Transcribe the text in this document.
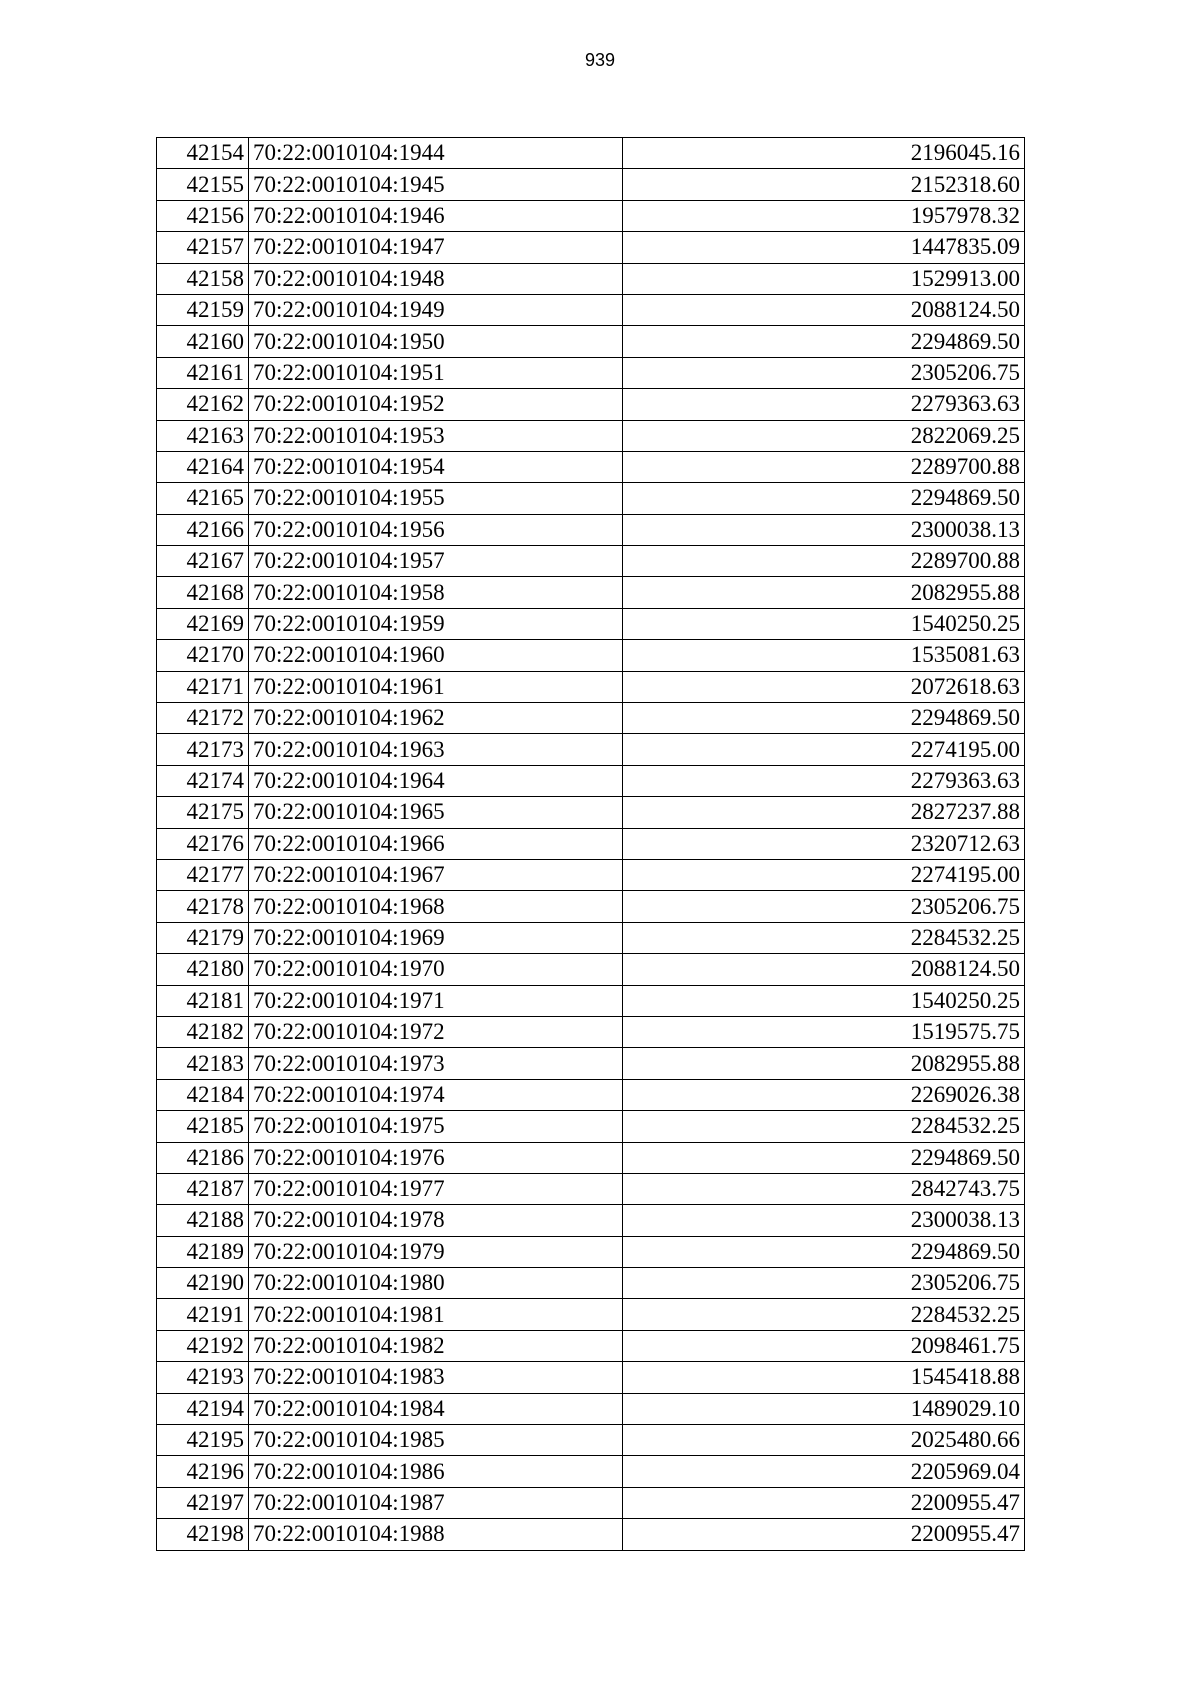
939
42154	70:22:0010104:1944	2196045.16
42155	70:22:0010104:1945	2152318.60
42156	70:22:0010104:1946	1957978.32
42157	70:22:0010104:1947	1447835.09
42158	70:22:0010104:1948	1529913.00
42159	70:22:0010104:1949	2088124.50
42160	70:22:0010104:1950	2294869.50
42161	70:22:0010104:1951	2305206.75
42162	70:22:0010104:1952	2279363.63
42163	70:22:0010104:1953	2822069.25
42164	70:22:0010104:1954	2289700.88
42165	70:22:0010104:1955	2294869.50
42166	70:22:0010104:1956	2300038.13
42167	70:22:0010104:1957	2289700.88
42168	70:22:0010104:1958	2082955.88
42169	70:22:0010104:1959	1540250.25
42170	70:22:0010104:1960	1535081.63
42171	70:22:0010104:1961	2072618.63
42172	70:22:0010104:1962	2294869.50
42173	70:22:0010104:1963	2274195.00
42174	70:22:0010104:1964	2279363.63
42175	70:22:0010104:1965	2827237.88
42176	70:22:0010104:1966	2320712.63
42177	70:22:0010104:1967	2274195.00
42178	70:22:0010104:1968	2305206.75
42179	70:22:0010104:1969	2284532.25
42180	70:22:0010104:1970	2088124.50
42181	70:22:0010104:1971	1540250.25
42182	70:22:0010104:1972	1519575.75
42183	70:22:0010104:1973	2082955.88
42184	70:22:0010104:1974	2269026.38
42185	70:22:0010104:1975	2284532.25
42186	70:22:0010104:1976	2294869.50
42187	70:22:0010104:1977	2842743.75
42188	70:22:0010104:1978	2300038.13
42189	70:22:0010104:1979	2294869.50
42190	70:22:0010104:1980	2305206.75
42191	70:22:0010104:1981	2284532.25
42192	70:22:0010104:1982	2098461.75
42193	70:22:0010104:1983	1545418.88
42194	70:22:0010104:1984	1489029.10
42195	70:22:0010104:1985	2025480.66
42196	70:22:0010104:1986	2205969.04
42197	70:22:0010104:1987	2200955.47
42198	70:22:0010104:1988	2200955.47
